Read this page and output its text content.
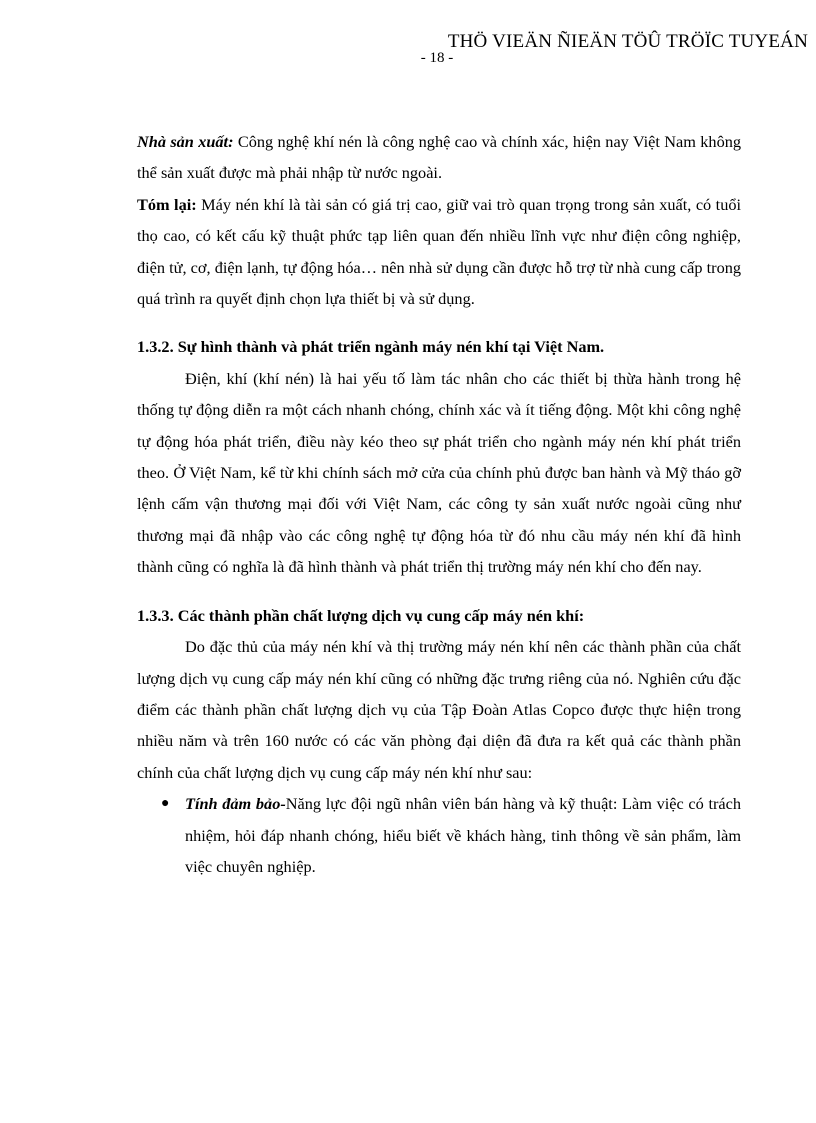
THÖ VIEÄN ÑIEÄN TÖÛ TRÖÏC TUYEÁN
- 18 -

Nhà sản xuất: Công nghệ khí nén là công nghệ cao và chính xác, hiện nay Việt Nam không thể sản xuất được mà phải nhập từ nước ngoài.

Tóm lại: Máy nén khí là tài sản có giá trị cao, giữ vai trò quan trọng trong sản xuất, có tuổi thọ cao, có kết cấu kỹ thuật phức tạp liên quan đến nhiều lĩnh vực như điện công nghiệp, điện tử, cơ, điện lạnh, tự động hóa… nên nhà sử dụng cần được hỗ trợ từ nhà cung cấp trong quá trình ra quyết định chọn lựa thiết bị và sử dụng.

1.3.2. Sự hình thành và phát triển ngành máy nén khí tại Việt Nam.

Điện, khí (khí nén) là hai yếu tố làm tác nhân cho các thiết bị thừa hành trong hệ thống tự động diễn ra một cách nhanh chóng, chính xác và ít tiếng động. Một khi công nghệ tự động hóa phát triển, điều này kéo theo sự phát triển cho ngành máy nén khí phát triển theo. Ở Việt Nam, kể từ khi chính sách mở cửa của chính phủ được ban hành và Mỹ tháo gỡ lệnh cấm vận thương mại đối với Việt Nam, các công ty sản xuất nước ngoài cũng như thương mại đã nhập vào các công nghệ tự động hóa từ đó nhu cầu máy nén khí đã hình thành cũng có nghĩa là đã hình thành và phát triển thị trường máy nén khí cho đến nay.

1.3.3. Các thành phần chất lượng dịch vụ cung cấp máy nén khí:

Do đặc thủ của máy nén khí và thị trường máy nén khí nên các thành phần của chất lượng dịch vụ cung cấp máy nén khí cũng có những đặc trưng riêng của nó. Nghiên cứu đặc điểm các thành phần chất lượng dịch vụ của Tập Đoàn Atlas Copco được thực hiện trong nhiều năm và trên 160 nước có các văn phòng đại diện đã đưa ra kết quả các thành phần chính của chất lượng dịch vụ cung cấp máy nén khí như sau:

● Tính đảm bảo-Năng lực đội ngũ nhân viên bán hàng và kỹ thuật: Làm việc có trách nhiệm, hỏi đáp nhanh chóng, hiểu biết về khách hàng, tinh thông về sản phẩm, làm việc chuyên nghiệp.
